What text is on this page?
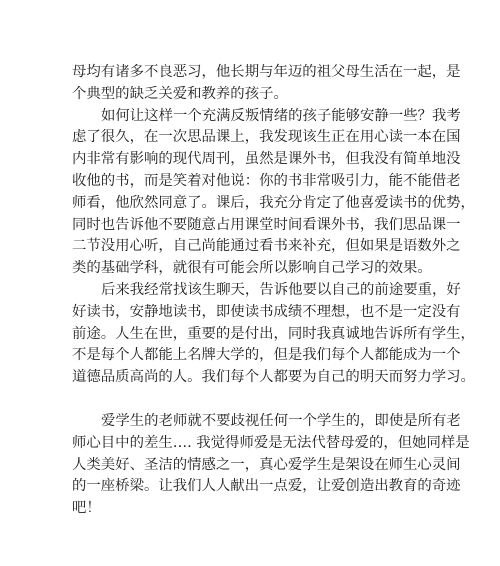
母均有诸多不良恶习，他长期与年迈的祖父母生活在一起，是
个典型的缺乏关爱和教养的孩子。
如何让这样一个充满反叛情绪的孩子能够安静一些？我考
虑了很久，在一次思品课上，我发现该生正在用心读一本在国
内非常有影响的现代周刊，虽然是课外书，但我没有简单地没
收他的书，而是笑着对他说：你的书非常吸引力，能不能借老
师看，他欣然同意了。课后，我充分肯定了他喜爱读书的优势，
同时也告诉他不要随意占用课堂时间看课外书，我们思品课一
二节没用心听，自己尚能通过看书来补充，但如果是语数外之
类的基础学科，就很有可能会所以影响自己学习的效果。
后来我经常找该生聊天，告诉他要以自己的前途要重，好
好读书，安静地读书，即使读书成绩不理想，也不是一定没有
前途。人生在世，重要的是付出，同时我真诚地告诉所有学生，
不是每个人都能上名牌大学的，但是我们每个人都能成为一个
道德品质高尚的人。我们每个人都要为自己的明天而努力学习。
爱学生的老师就不要歧视任何一个学生的，即使是所有老
师心目中的差生…. 我觉得师爱是无法代替母爱的，但她同样是
人类美好、圣洁的情感之一，真心爱学生是架设在师生心灵间
的一座桥梁。让我们人人献出一点爱，让爱创造出教育的奇迹
吧！
